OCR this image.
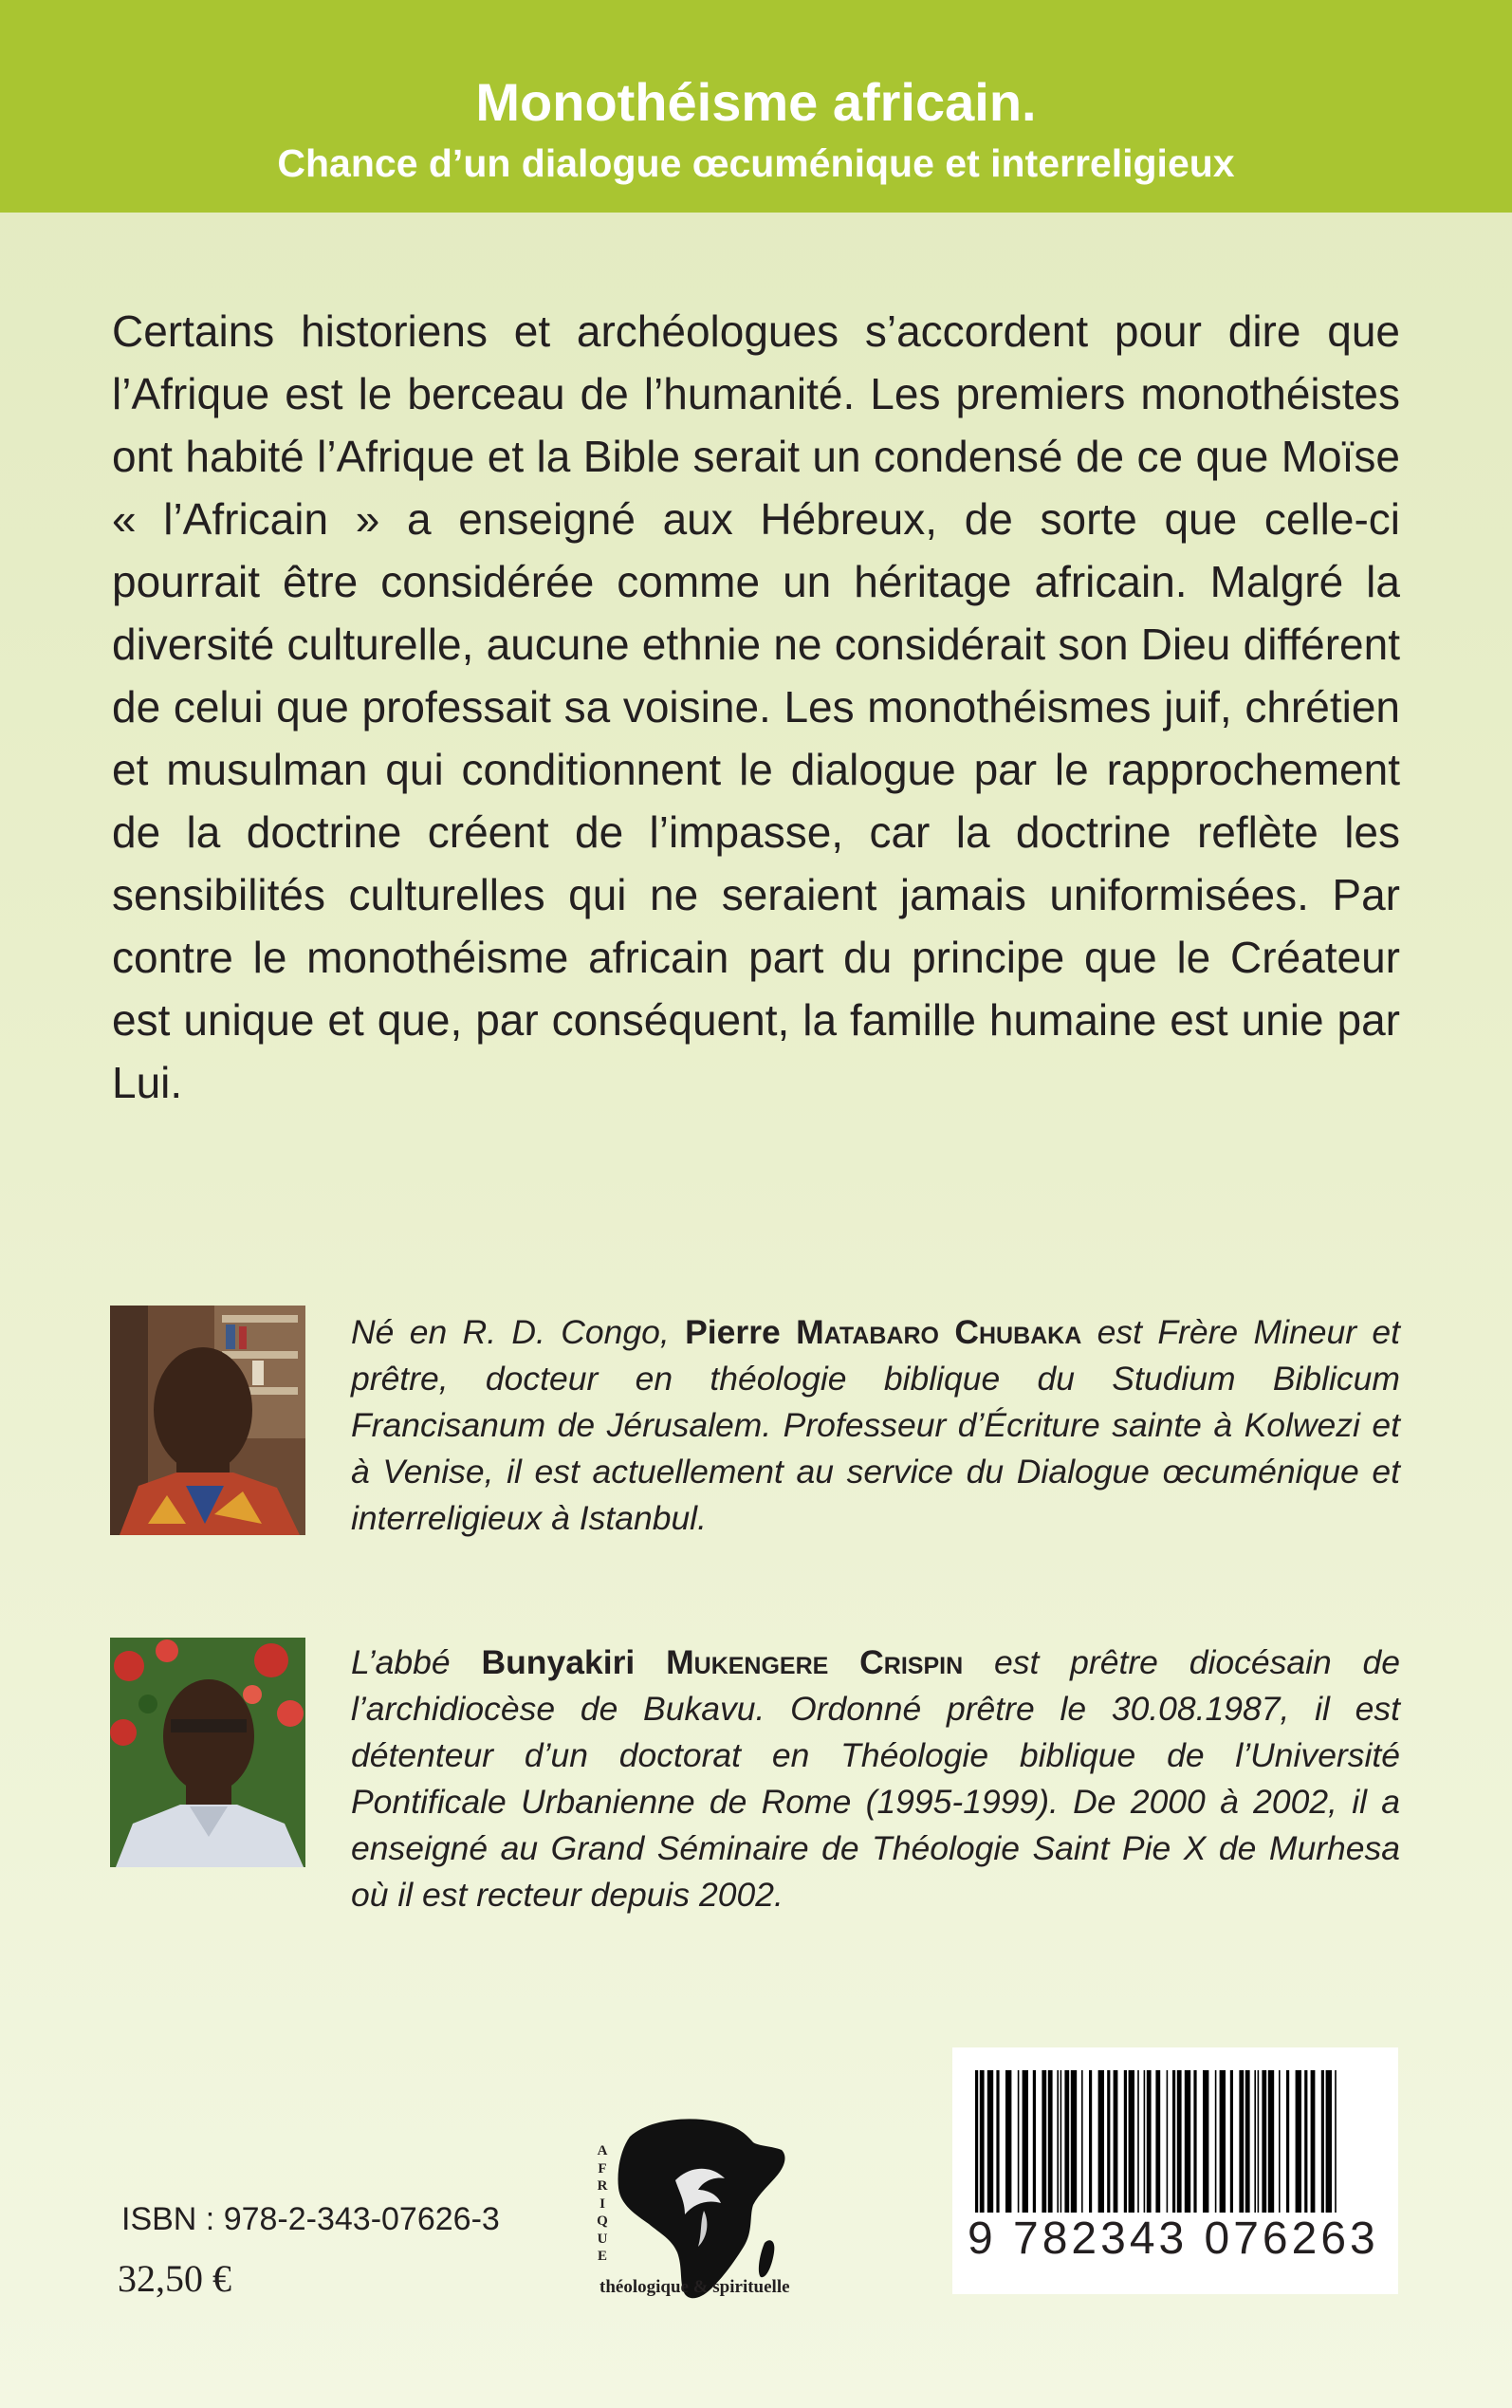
Monothéisme africain.
Chance d’un dialogue œcuménique et interreligieux
Certains historiens et archéologues s’accordent pour dire que l’Afrique est le berceau de l’humanité. Les premiers monothéistes ont habité l’Afrique et la Bible serait un condensé de ce que Moïse « l’Africain » a enseigné aux Hébreux, de sorte que celle-ci pourrait être considérée comme un héritage africain. Malgré la diversité culturelle, aucune ethnie ne considérait son Dieu différent de celui que professait sa voisine. Les monothéismes juif, chrétien et musulman qui conditionnent le dialogue par le rapprochement de la doctrine créent de l’impasse, car la doctrine reflète les sensibilités culturelles qui ne seraient jamais uniformisées. Par contre le monothéisme africain part du principe que le Créateur est unique et que, par conséquent, la famille humaine est unie par Lui.
Né en R. D. Congo, Pierre Matabaro Chubaka est Frère Mineur et prêtre, docteur en théologie biblique du Studium Biblicum Francisanum de Jérusalem. Professeur d’Écriture sainte à Kolwezi et à Venise, il est actuellement au service du Dialogue œcuménique et interreligieux à Istanbul.
L’abbé Bunyakiri Mukengere Crispin est prêtre diocésain de l’archidiocèse de Bukavu. Ordonné prêtre le 30.08.1987, il est détenteur d’un doctorat en Théologie biblique de l’Université Pontificale Urbanienne de Rome (1995-1999). De 2000 à 2002, il a enseigné au Grand Séminaire de Théologie Saint Pie X de Murhesa où il est recteur depuis 2002.
A
F
R
I
Q
U
E
théologique & spirituelle
ISBN : 978-2-343-07626-3
32,50 €
9 782343 076263
